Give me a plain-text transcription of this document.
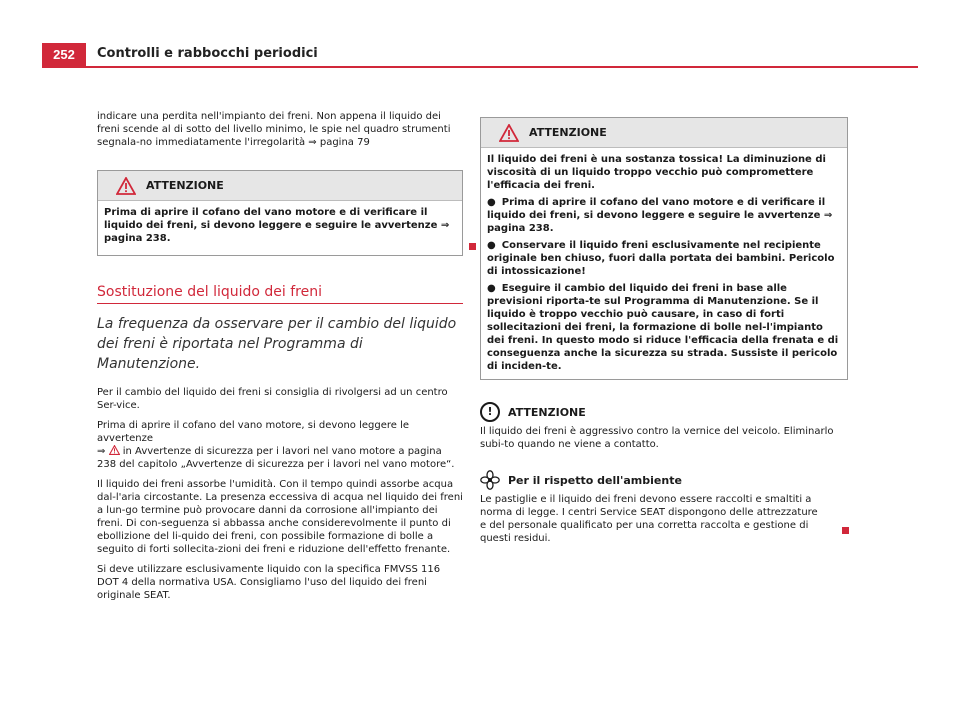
252	Controlli e rabbocchi periodici

indicare una perdita nell'impianto dei freni. Non appena il liquido dei freni scende al di sotto del livello minimo, le spie nel quadro strumenti segnala-no immediatamente l'irregolarità ⇒ pagina 79

ATTENZIONE

Prima di aprire il cofano del vano motore e di verificare il liquido dei freni, si devono leggere e seguire le avvertenze ⇒ pagina 238.

Sostituzione del liquido dei freni

La frequenza da osservare per il cambio del liquido dei freni è riportata nel Programma di Manutenzione.

Per il cambio del liquido dei freni si consiglia di rivolgersi ad un centro Ser-vice.

Prima di aprire il cofano del vano motore, si devono leggere le avvertenze
⇒ in Avvertenze di sicurezza per i lavori nel vano motore a pagina 238 del capitolo „Avvertenze di sicurezza per i lavori nel vano motore“.

Il liquido dei freni assorbe l'umidità. Con il tempo quindi assorbe acqua dal-l'aria circostante. La presenza eccessiva di acqua nel liquido dei freni a lun-go termine può provocare danni da corrosione all'impianto dei freni. Di con-seguenza si abbassa anche considerevolmente il punto di ebollizione del li-quido dei freni, con possibile formazione di bolle a seguito di forti sollecita-zioni dei freni e riduzione dell'effetto frenante.

Si deve utilizzare esclusivamente liquido con la specifica FMVSS 116 DOT 4 della normativa USA. Consigliamo l'uso del liquido dei freni originale SEAT.

ATTENZIONE

Il liquido dei freni è una sostanza tossica! La diminuzione di viscosità di un liquido troppo vecchio può compromettere l'efficacia dei freni.

● Prima di aprire il cofano del vano motore e di verificare il liquido dei freni, si devono leggere e seguire le avvertenze ⇒ pagina 238.

● Conservare il liquido freni esclusivamente nel recipiente originale ben chiuso, fuori dalla portata dei bambini. Pericolo di intossicazione!

● Eseguire il cambio del liquido dei freni in base alle previsioni riporta-te sul Programma di Manutenzione. Se il liquido è troppo vecchio può causare, in caso di forti sollecitazioni dei freni, la formazione di bolle nel-l'impianto dei freni. In questo modo si riduce l'efficacia della frenata e di conseguenza anche la sicurezza su strada. Sussiste il pericolo di inciden-te.

!	ATTENZIONE

Il liquido dei freni è aggressivo contro la vernice del veicolo. Eliminarlo subi-to quando ne viene a contatto.

Per il rispetto dell'ambiente

Le pastiglie e il liquido dei freni devono essere raccolti e smaltiti a norma di legge. I centri Service SEAT dispongono delle attrezzature e del personale qualificato per una corretta raccolta e gestione di questi residui.
